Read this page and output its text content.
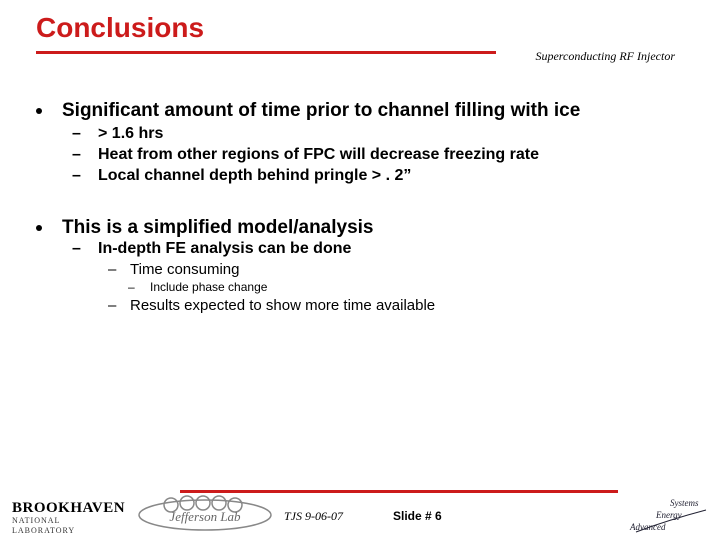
Conclusions
Superconducting RF Injector
Significant amount of time prior to channel filling with ice
–	> 1.6 hrs
–	Heat from other regions of FPC will decrease freezing rate
–	Local channel depth behind pringle > . 2”
This is a simplified model/analysis
–	In-depth FE analysis can be done
– Time consuming
–	Include phase change
– Results expected to show more time available
BROOKHAVEN
NATIONAL LABORATORY
Jefferson Lab	TJS 9-06-07	Slide # 6
Systems
Energy
Advanced
